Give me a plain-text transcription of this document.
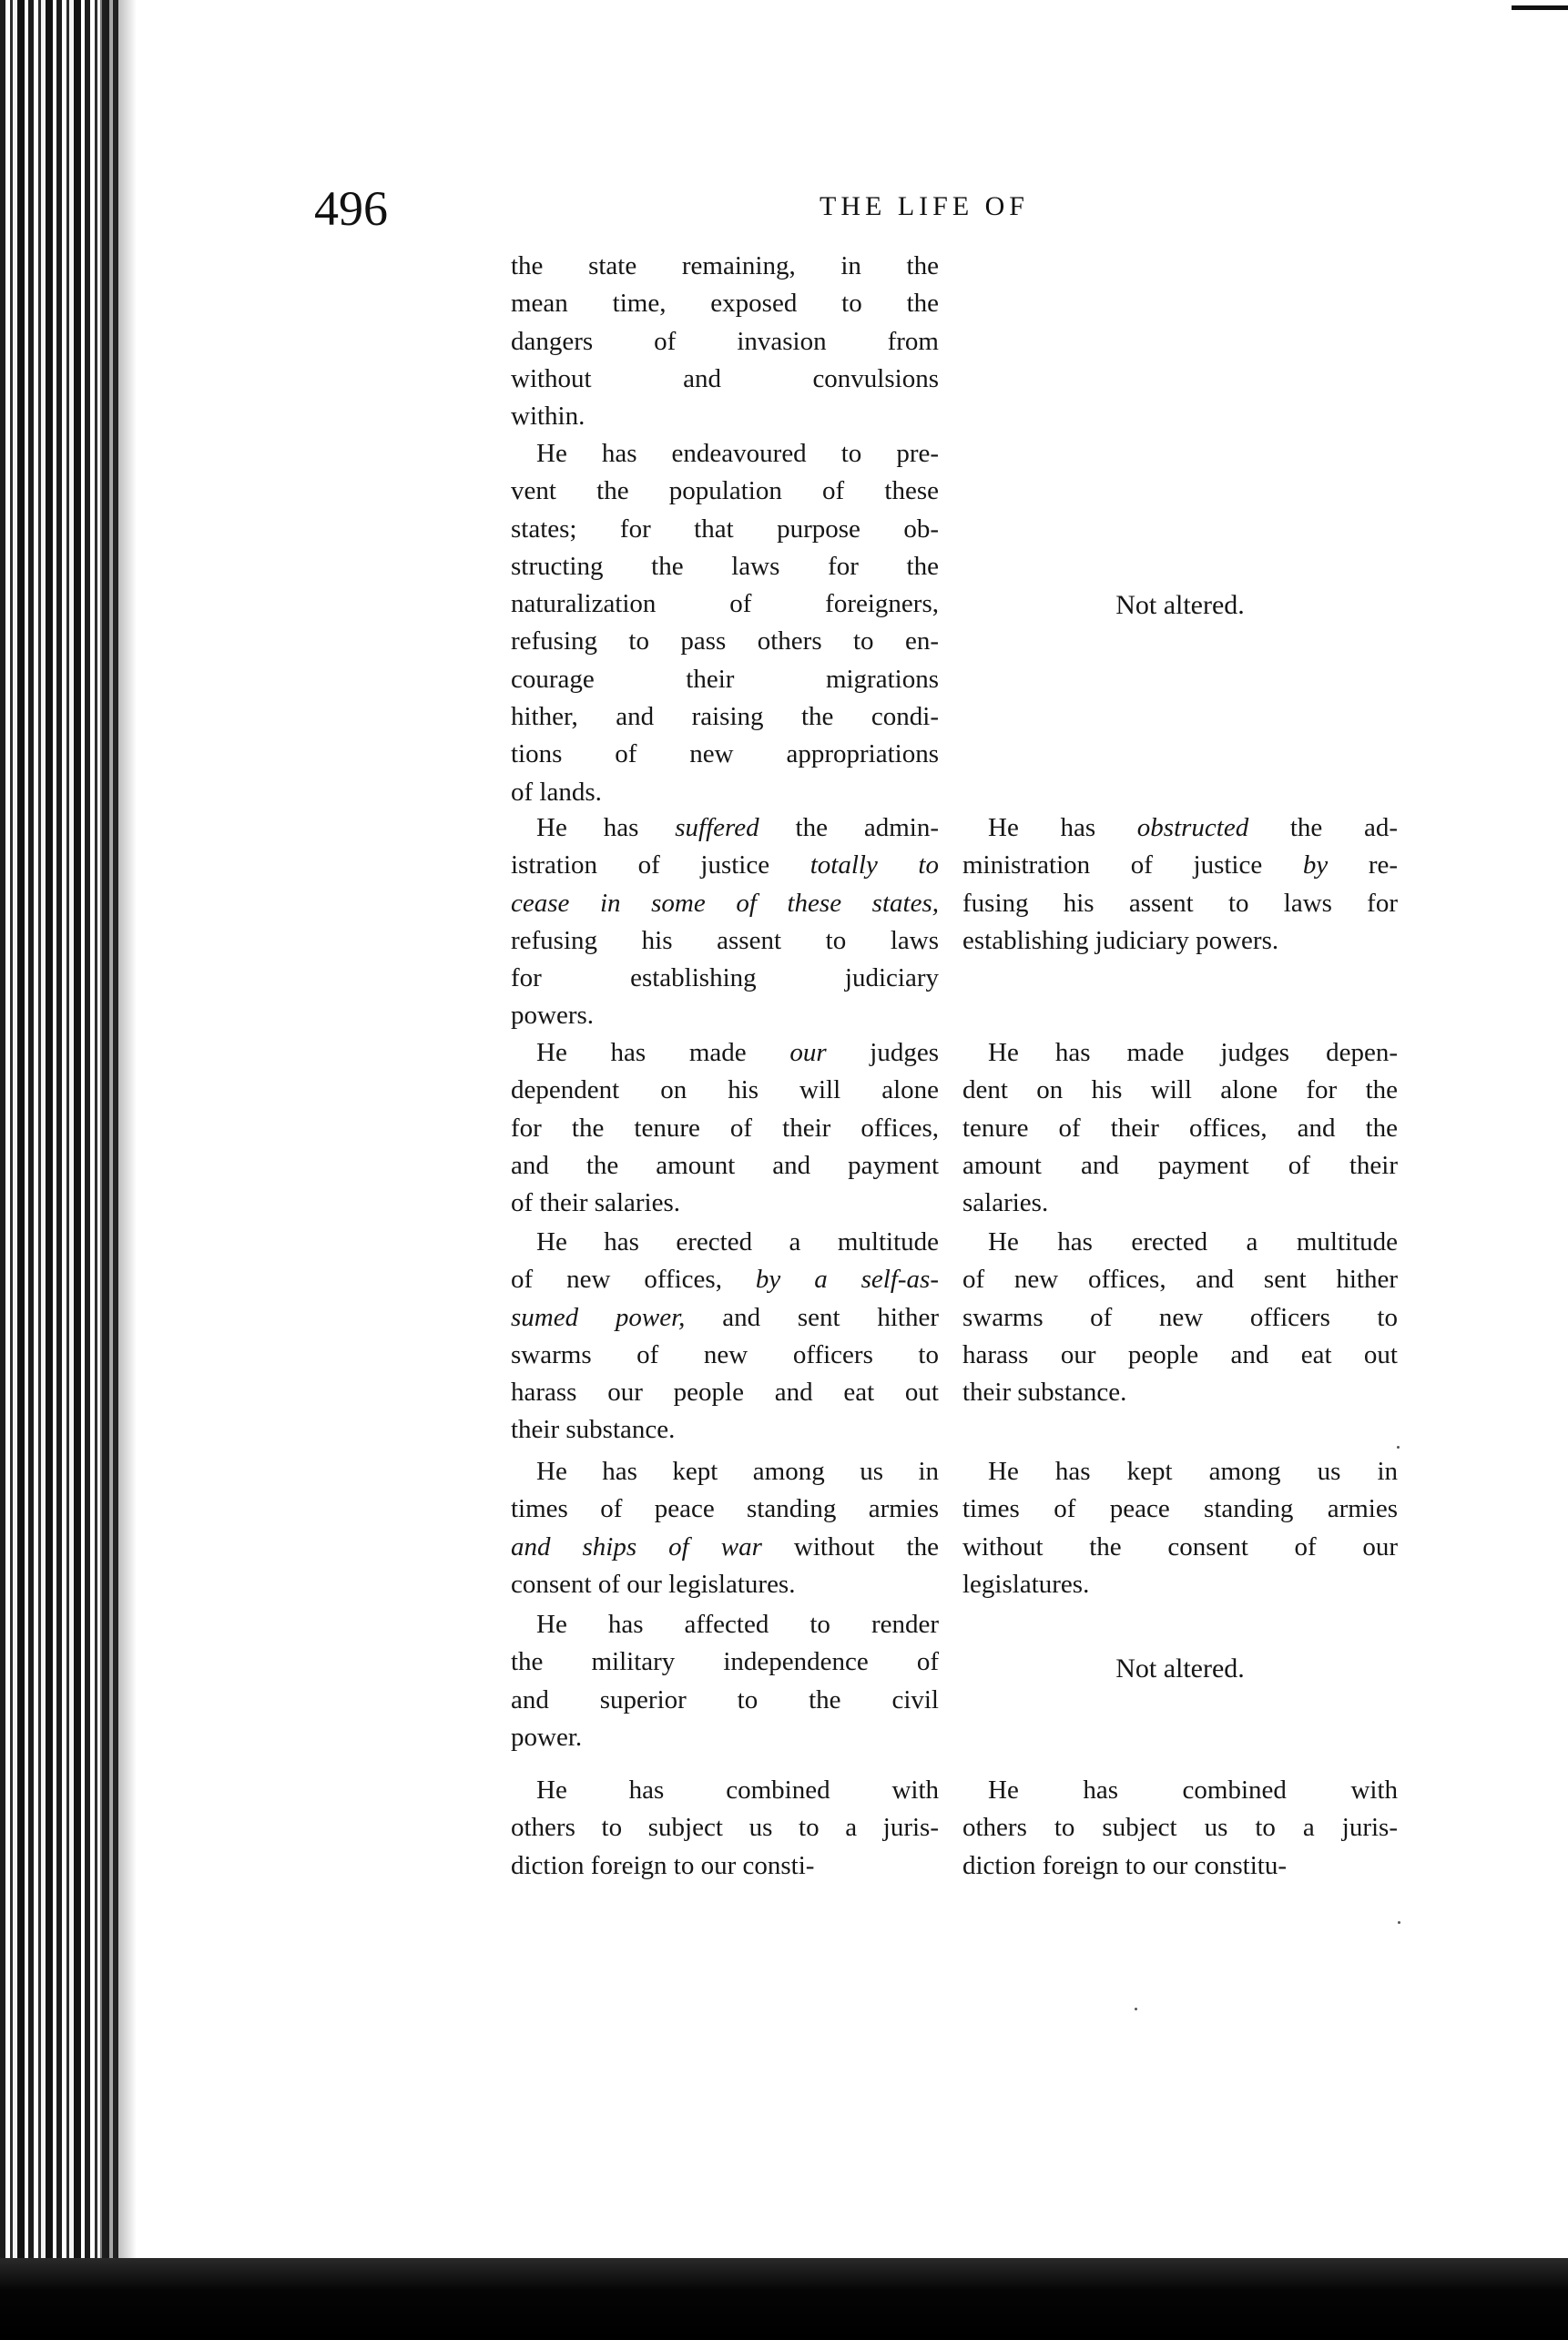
496	THE LIFE OF
the state remaining, in the
mean time, exposed to the
dangers of invasion from
without and convulsions
within.
He has endeavoured to pre-
vent the population of these
states; for that purpose ob-
structing the laws for the
naturalization of foreigners,
refusing to pass others to en-
courage their migrations
hither, and raising the condi-
tions of new appropriations
of lands.
He has suffered the admin-
istration of justice totally to
cease in some of these states,
refusing his assent to laws
for establishing judiciary
powers.
He has made our judges
dependent on his will alone
for the tenure of their offices,
and the amount and payment
of their salaries.
He has erected a multitude
of new offices, by a self-as-
sumed power, and sent hither
swarms of new officers to
harass our people and eat out
their substance.
He has kept among us in
times of peace standing armies
and ships of war without the
consent of our legislatures.
He has affected to render
the military independence of
and superior to the civil
power.
He has combined with
others to subject us to a juris-
diction foreign to our consti-
Not altered.
He has obstructed the ad-
ministration of justice by re-
fusing his assent to laws for
establishing judiciary powers.
He has made judges depen-
dent on his will alone for the
tenure of their offices, and the
amount and payment of their
salaries.
He has erected a multitude
of new offices, and sent hither
swarms of new officers to
harass our people and eat out
their substance.
He has kept among us in
times of peace standing armies
without the consent of our
legislatures.
Not altered.
He has combined with
others to subject us to a juris-
diction foreign to our constitu-
